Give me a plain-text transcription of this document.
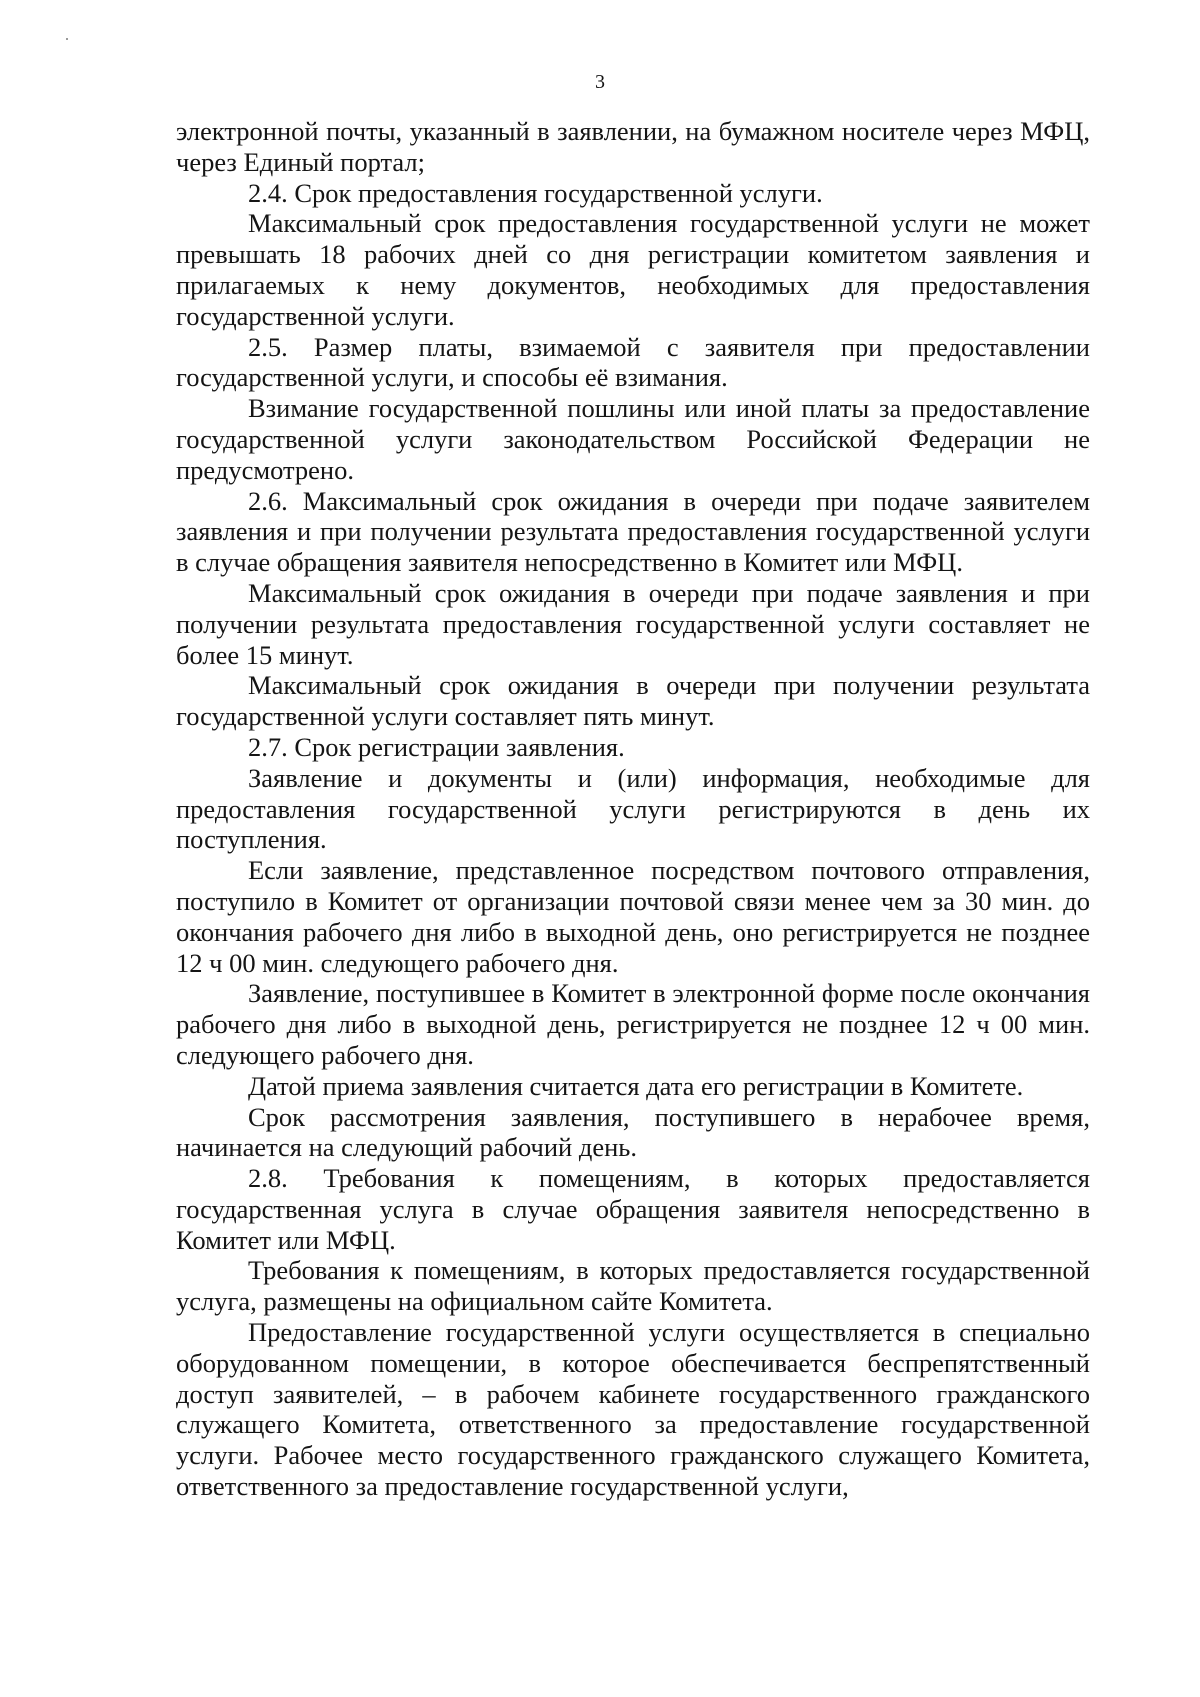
3

электронной почты, указанный в заявлении, на бумажном носителе через МФЦ, через Единый портал;

2.4. Срок предоставления государственной услуги.

Максимальный срок предоставления государственной услуги не может превышать 18 рабочих дней со дня регистрации комитетом заявления и прилагаемых к нему документов, необходимых для предоставления государственной услуги.

2.5. Размер платы, взимаемой с заявителя при предоставлении государственной услуги, и способы её взимания.

Взимание государственной пошлины или иной платы за предоставление государственной услуги законодательством Российской Федерации не предусмотрено.

2.6. Максимальный срок ожидания в очереди при подаче заявителем заявления и при получении результата предоставления государственной услуги в случае обращения заявителя непосредственно в Комитет или МФЦ.

Максимальный срок ожидания в очереди при подаче заявления и при получении результата предоставления государственной услуги составляет не более 15 минут.

Максимальный срок ожидания в очереди при получении результата государственной услуги составляет пять минут.

2.7. Срок регистрации заявления.

Заявление и документы и (или) информация, необходимые для предоставления государственной услуги регистрируются в день их поступления.

Если заявление, представленное посредством почтового отправления, поступило в Комитет от организации почтовой связи менее чем за 30 мин. до окончания рабочего дня либо в выходной день, оно регистрируется не позднее 12 ч 00 мин. следующего рабочего дня.

Заявление, поступившее в Комитет в электронной форме после окончания рабочего дня либо в выходной день, регистрируется не позднее 12 ч 00 мин. следующего рабочего дня.

Датой приема заявления считается дата его регистрации в Комитете.

Срок рассмотрения заявления, поступившего в нерабочее время, начинается на следующий рабочий день.

2.8. Требования к помещениям, в которых предоставляется государственная услуга в случае обращения заявителя непосредственно в Комитет или МФЦ.

Требования к помещениям, в которых предоставляется государственной услуга, размещены на официальном сайте Комитета.

Предоставление государственной услуги осуществляется в специально оборудованном помещении, в которое обеспечивается беспрепятственный доступ заявителей, – в рабочем кабинете государственного гражданского служащего Комитета, ответственного за предоставление государственной услуги. Рабочее место государственного гражданского служащего Комитета, ответственного за предоставление государственной услуги,
